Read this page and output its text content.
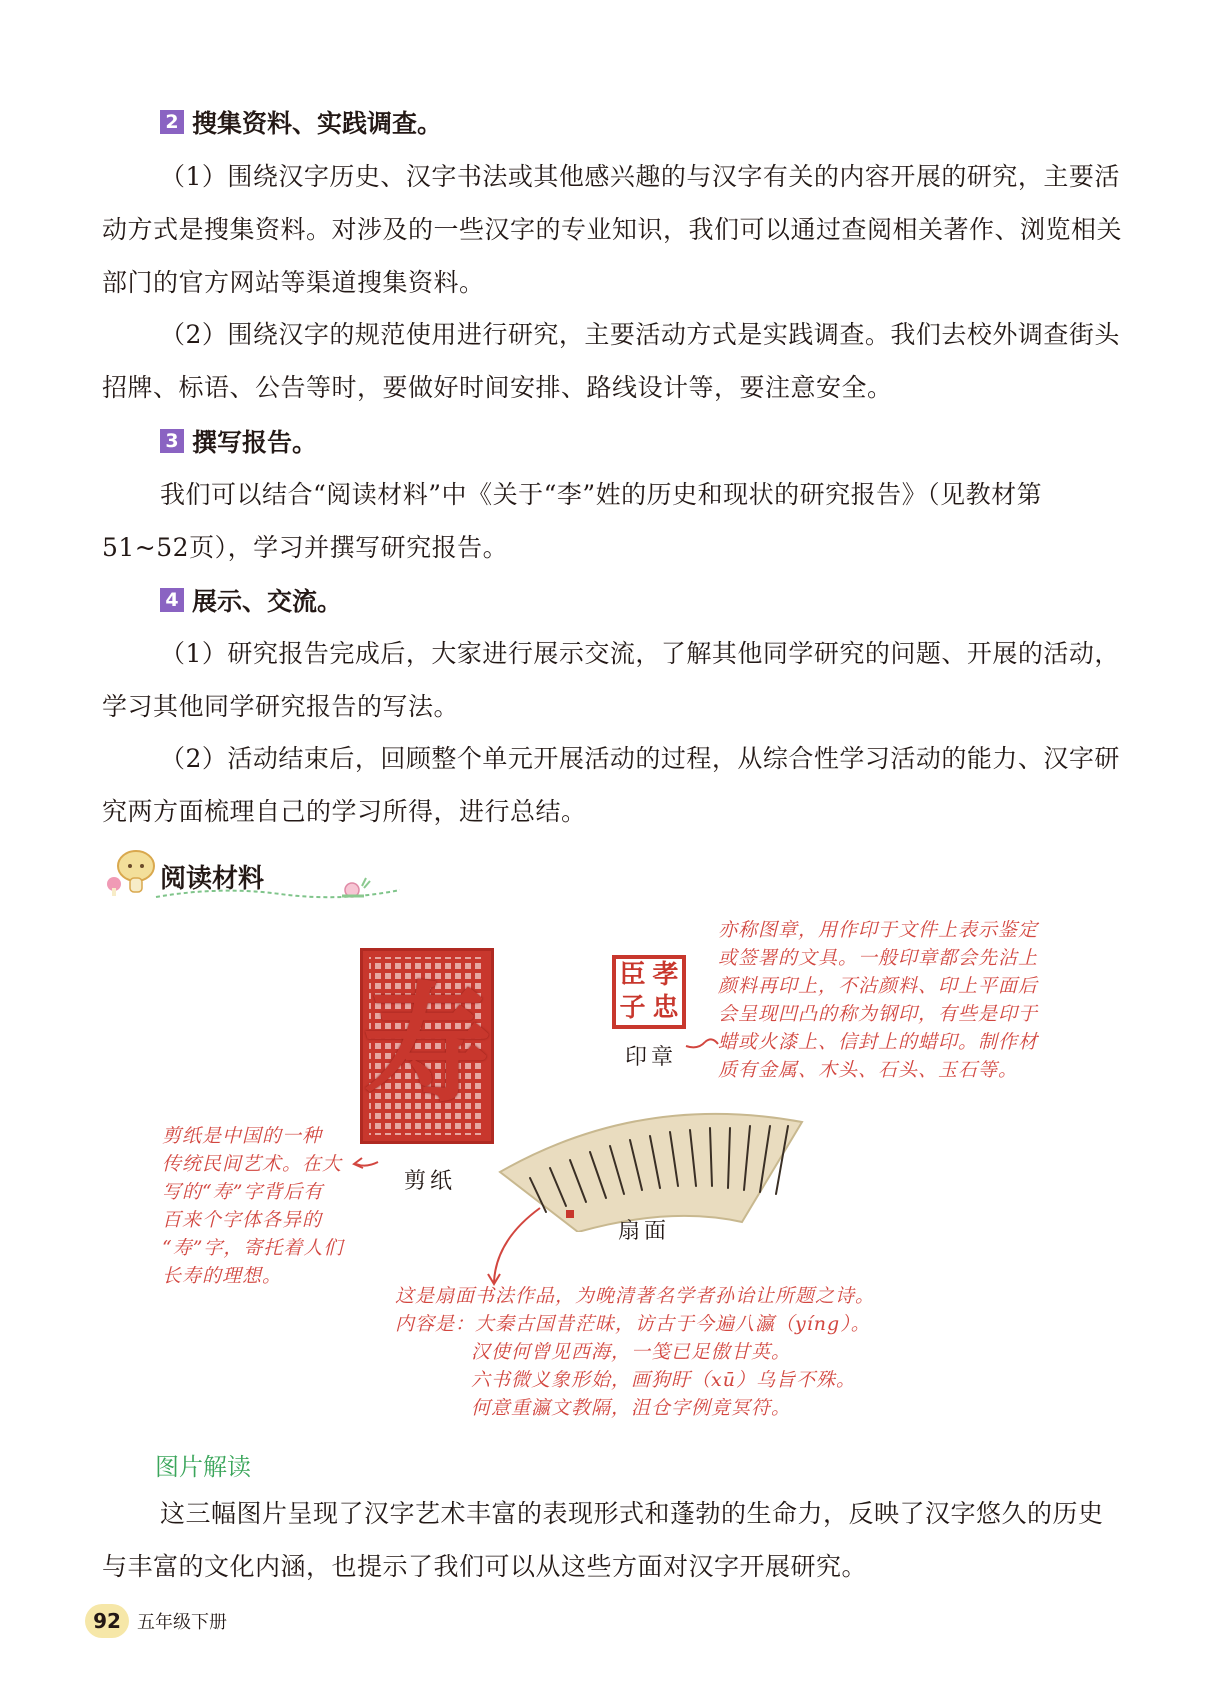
2 搜集资料、实践调查。

（1）围绕汉字历史、汉字书法或其他感兴趣的与汉字有关的内容开展的研究，主要活动方式是搜集资料。对涉及的一些汉字的专业知识，我们可以通过查阅相关著作、浏览相关部门的官方网站等渠道搜集资料。

（2）围绕汉字的规范使用进行研究，主要活动方式是实践调查。我们去校外调查街头招牌、标语、公告等时，要做好时间安排、路线设计等，要注意安全。

3 撰写报告。

我们可以结合“阅读材料”中《关于“李”姓的历史和现状的研究报告》（见教材第51~52页），学习并撰写研究报告。

4 展示、交流。

（1）研究报告完成后，大家进行展示交流，了解其他同学研究的问题、开展的活动，学习其他同学研究报告的写法。

（2）活动结束后，回顾整个单元开展活动的过程，从综合性学习活动的能力、汉字研究两方面梳理自己的学习所得，进行总结。

阅读材料
寿	臣 孝
子 忠
印章
剪纸
扇面
亦称图章，用作印于文件上表示鉴定
或签署的文具。一般印章都会先沾上
颜料再印上，不沾颜料、印上平面后
会呈现凹凸的称为钢印，有些是印于
蜡或火漆上、信封上的蜡印。制作材
质有金属、木头、石头、玉石等。
剪纸是中国的一种
传统民间艺术。在大
写的“寿”字背后有
百来个字体各异的
“寿”字，寄托着人们
长寿的理想。
这是扇面书法作品，为晚清著名学者孙诒让所题之诗。
内容是：大秦古国昔茫昧，访古于今遍八瀛（yíng）。
汉使何曾见西海，一笺已足傲甘英。
六书微义象形始，画狗盱（xū）乌旨不殊。
何意重瀛文教隔，沮仓字例竟冥符。
图片解读

这三幅图片呈现了汉字艺术丰富的表现形式和蓬勃的生命力，反映了汉字悠久的历史与丰富的文化内涵，也提示了我们可以从这些方面对汉字开展研究。

92 五年级下册
